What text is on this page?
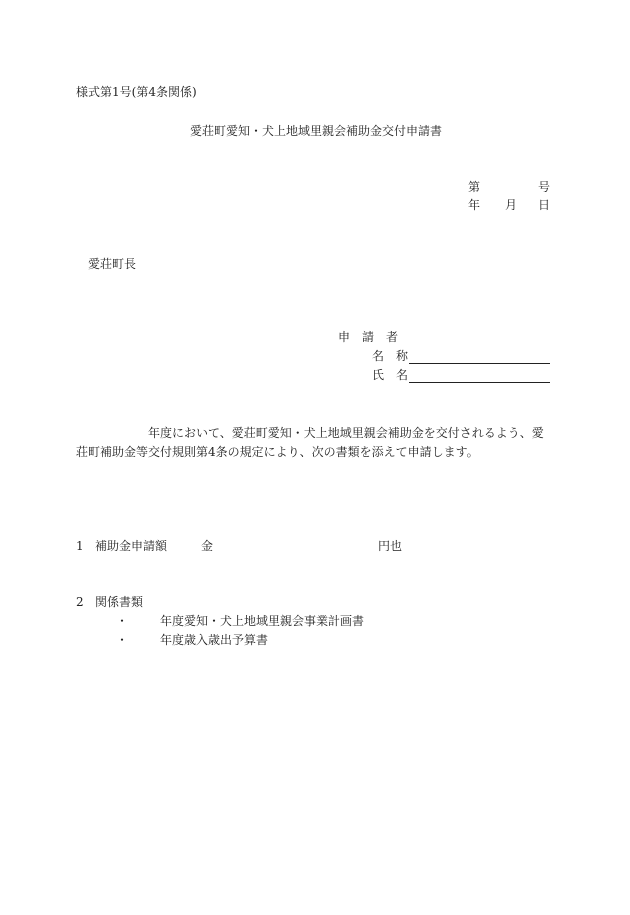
様式第1号(第4条関係)
愛荘町愛知・犬上地域里親会補助金交付申請書
第	号
年 月 日
愛荘町長
申　請　者
名　称
氏　名
年度において、愛荘町愛知・犬上地域里親会補助金を交付されるよう、愛荘町補助金等交付規則第4条の規定により、次の書類を添えて申請します。
1 補助金申請額	金	円也
2 関係書類
・	年度愛知・犬上地域里親会事業計画書
・	年度歳入歳出予算書
